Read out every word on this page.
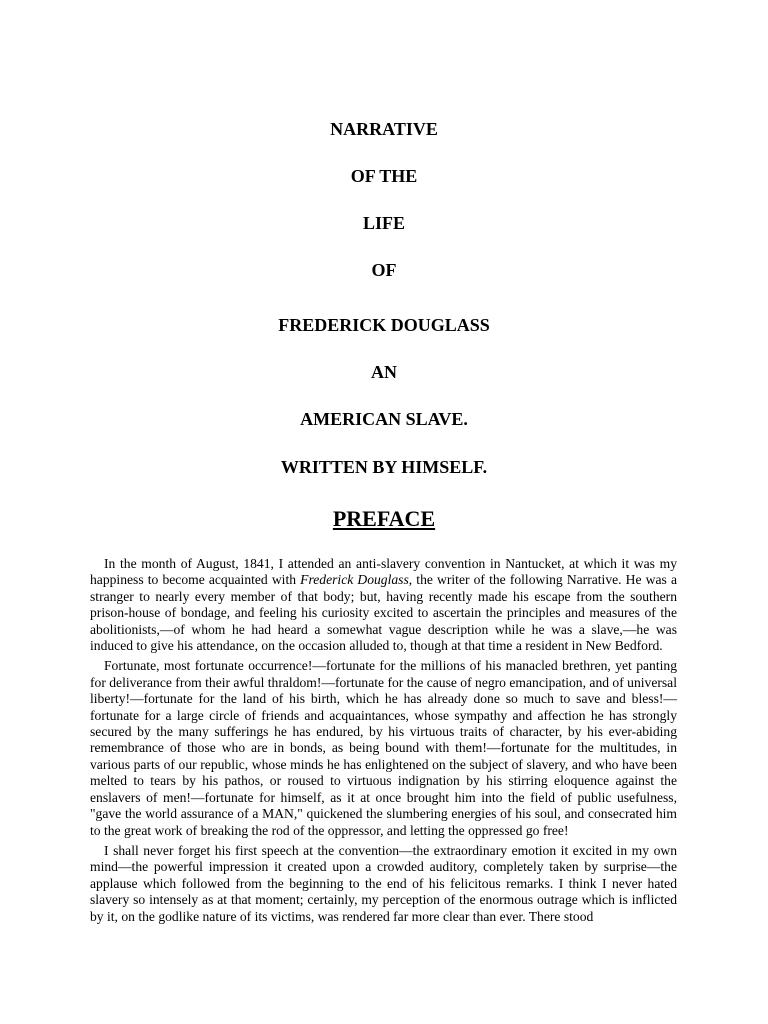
NARRATIVE

OF THE

LIFE

OF

FREDERICK DOUGLASS

AN

AMERICAN SLAVE.

WRITTEN BY HIMSELF.

PREFACE

In the month of August, 1841, I attended an anti-slavery convention in Nantucket, at which it was my happiness to become acquainted with Frederick Douglass, the writer of the following Narrative. He was a stranger to nearly every member of that body; but, having recently made his escape from the southern prison-house of bondage, and feeling his curiosity excited to ascertain the principles and measures of the abolitionists,—of whom he had heard a somewhat vague description while he was a slave,—he was induced to give his attendance, on the occasion alluded to, though at that time a resident in New Bedford.

Fortunate, most fortunate occurrence!—fortunate for the millions of his manacled brethren, yet panting for deliverance from their awful thraldom!—fortunate for the cause of negro emancipation, and of universal liberty!—fortunate for the land of his birth, which he has already done so much to save and bless!—fortunate for a large circle of friends and acquaintances, whose sympathy and affection he has strongly secured by the many sufferings he has endured, by his virtuous traits of character, by his ever-abiding remembrance of those who are in bonds, as being bound with them!—fortunate for the multitudes, in various parts of our republic, whose minds he has enlightened on the subject of slavery, and who have been melted to tears by his pathos, or roused to virtuous indignation by his stirring eloquence against the enslavers of men!—fortunate for himself, as it at once brought him into the field of public usefulness, "gave the world assurance of a MAN," quickened the slumbering energies of his soul, and consecrated him to the great work of breaking the rod of the oppressor, and letting the oppressed go free!

I shall never forget his first speech at the convention—the extraordinary emotion it excited in my own mind—the powerful impression it created upon a crowded auditory, completely taken by surprise—the applause which followed from the beginning to the end of his felicitous remarks. I think I never hated slavery so intensely as at that moment; certainly, my perception of the enormous outrage which is inflicted by it, on the godlike nature of its victims, was rendered far more clear than ever. There stood
